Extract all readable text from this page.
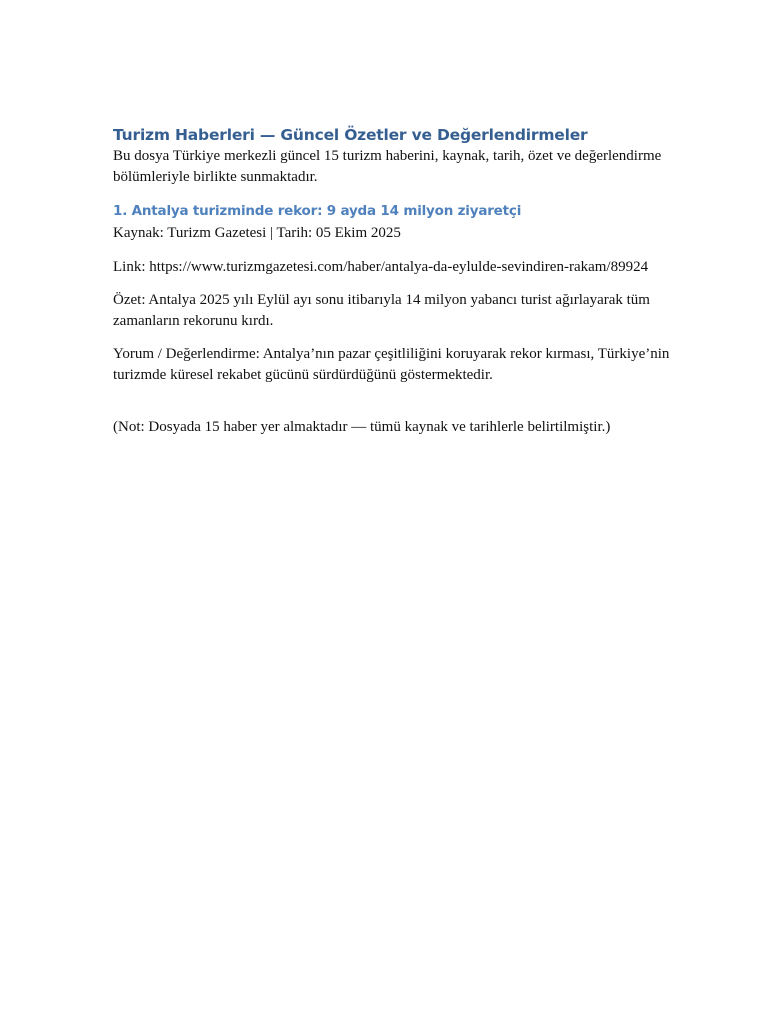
Turizm Haberleri — Güncel Özetler ve Değerlendirmeler

Bu dosya Türkiye merkezli güncel 15 turizm haberini, kaynak, tarih, özet ve değerlendirme bölümleriyle birlikte sunmaktadır.

1. Antalya turizminde rekor: 9 ayda 14 milyon ziyaretçi

Kaynak: Turizm Gazetesi | Tarih: 05 Ekim 2025

Link: https://www.turizmgazetesi.com/haber/antalya-da-eylulde-sevindiren-rakam/89924

Özet: Antalya 2025 yılı Eylül ayı sonu itibarıyla 14 milyon yabancı turist ağırlayarak tüm zamanların rekorunu kırdı.

Yorum / Değerlendirme: Antalya’nın pazar çeşitliliğini koruyarak rekor kırması, Türkiye’nin turizmde küresel rekabet gücünü sürdürdüğünü göstermektedir.

(Not: Dosyada 15 haber yer almaktadır — tümü kaynak ve tarihlerle belirtilmiştir.)
